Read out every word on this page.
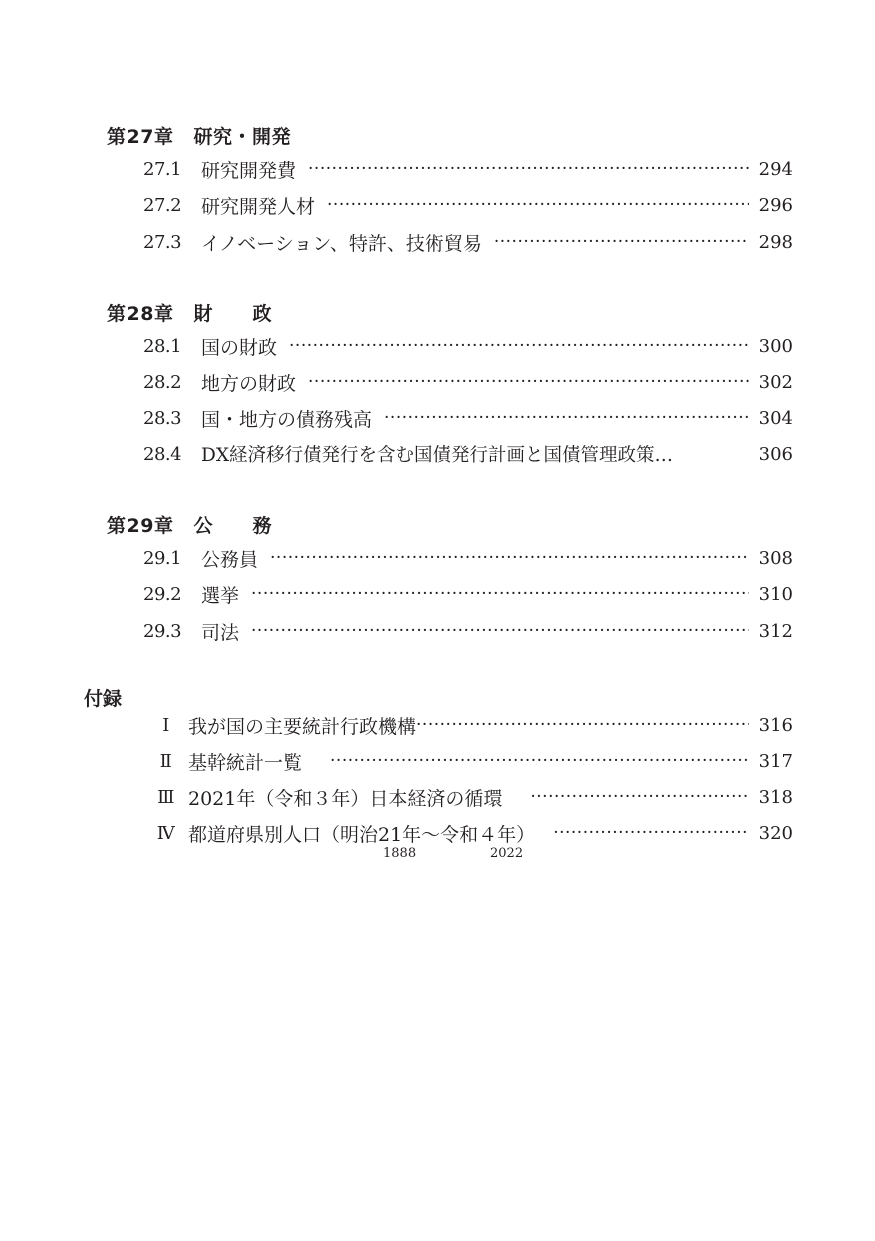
第27章 研究・開発
27.1	研究開発費 ·····	294
27.2	研究開発人材 ·····	296
27.3	イノベーション、特許、技術貿易 ·····	298
第28章 財政
28.1	国の財政 ·····	300
28.2	地方の財政 ·····	302
28.3	国・地方の債務残高 ·····	304
28.4	DX経済移行債発行を含む国債発行計画と国債管理政策…	306
第29章 公務
29.1	公務員 ·····	308
29.2	選挙 ·····	310
29.3	司法 ·····	312
付録
Ⅰ	我が国の主要統計行政機構 ·····	316
Ⅱ 基幹統計一覧 ·····	317
Ⅲ 2021年（令和３年）日本経済の循環 ·····	318
Ⅳ 都道府県別人口（明治21年～令和４年） ·····	320
1888	2022
